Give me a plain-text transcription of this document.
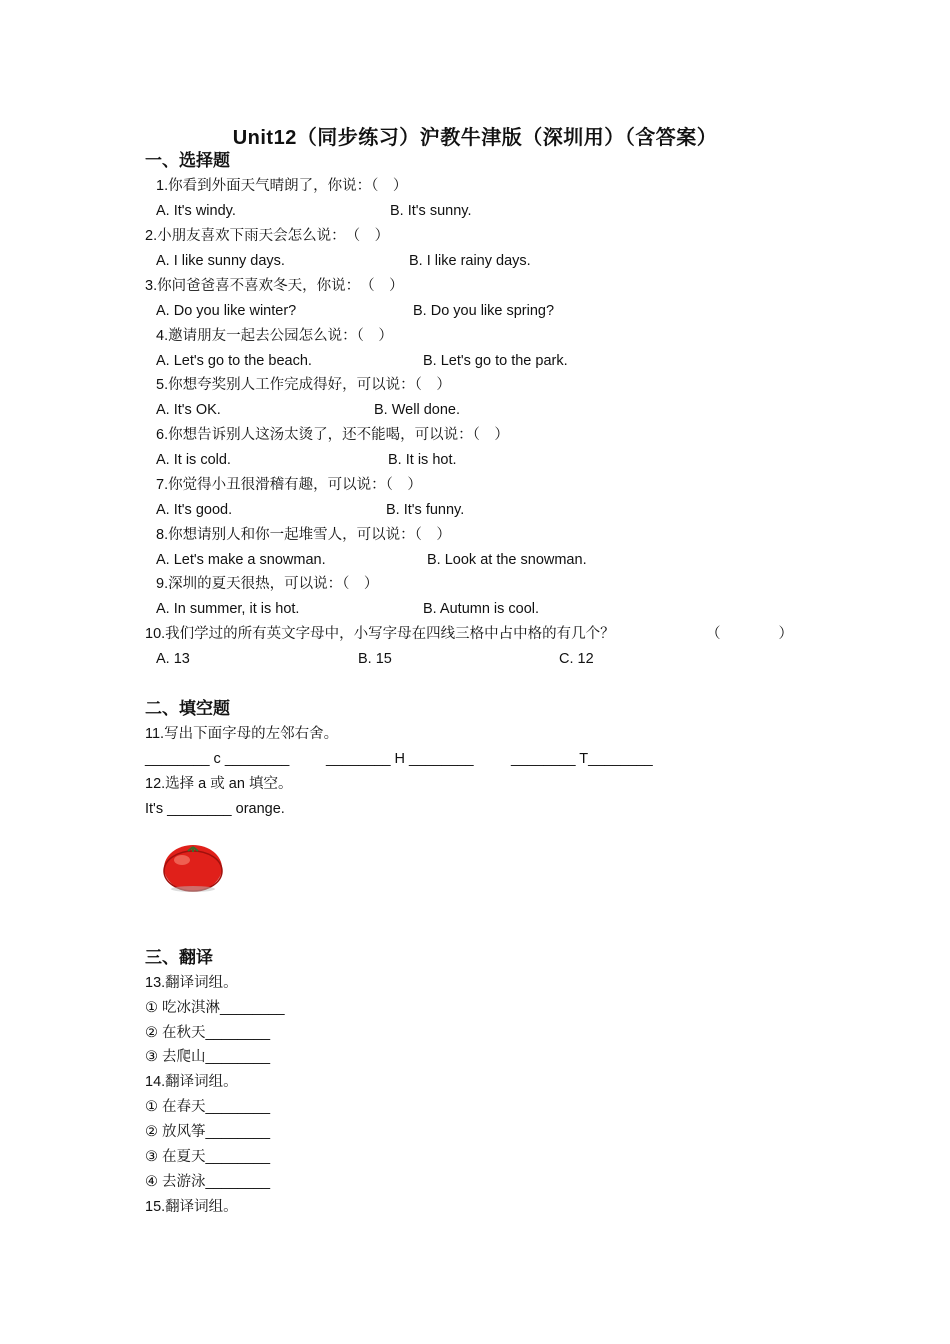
Unit12（同步练习）沪教牛津版（深圳用）（含答案）
一、选择题
1.你看到外面天气晴朗了，你说：（　）
A. It's windy.	B. It's sunny.
2.小朋友喜欢下雨天会怎么说：　（　）
A. I like sunny days.	B. I like rainy days.
3.你问爸爸喜不喜欢冬天，你说：　（　）
A. Do you like winter?	B. Do you like spring?
4.邀请朋友一起去公园怎么说：（　）
A. Let's go to the beach.	B. Let's go to the park.
5.你想夸奖别人工作完成得好，可以说：（　）
A. It's OK.	B. Well done.
6.你想告诉别人这汤太烫了，还不能喝，可以说：（　）
A. It is cold.	B. It is hot.
7.你觉得小丑很滑稽有趣，可以说：（　）
A. It's good.	B. It's funny.
8.你想请别人和你一起堆雪人，可以说：（　）
A. Let's make a snowman.	B. Look at the snowman.
9.深圳的夏天很热，可以说：（　）
A. In summer, it is hot.	B. Autumn is cool.
10.我们学过的所有英文字母中，小写字母在四线三格中占中格的有几个？	（　　　　）
A. 13	B. 15	C. 12
二、填空题
11.写出下面字母的左邻右舍。
________ c ________	________ H ________	________ T________
12.选择 a 或 an 填空。
It's ________ orange.
三、翻译
13.翻译词组。
① 吃冰淇淋________
② 在秋天________
③ 去爬山________
14.翻译词组。
① 在春天________
② 放风筝________
③ 在夏天________
④ 去游泳________
15.翻译词组。
